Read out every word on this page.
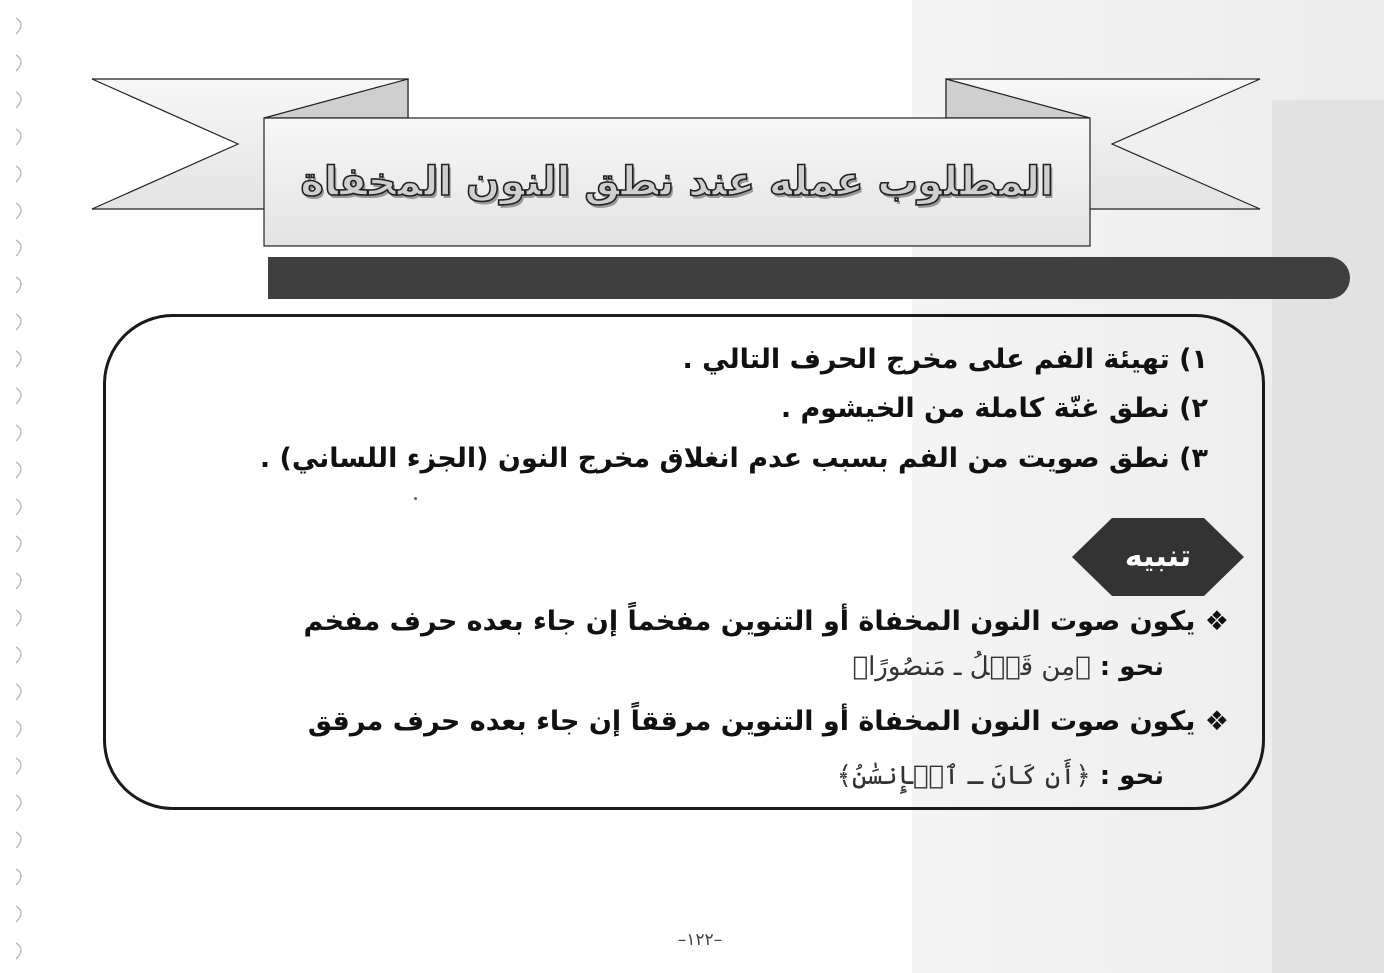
المطلوب عمله عند نطق النون المخفاة
١) تهيئة الفم على مخرج الحرف التالي .
٢) نطق غنّة كاملة من الخيشوم .
٣) نطق صويت من الفم بسبب عدم انغلاق مخرج النون (الجزء اللساني) .
تنبيه
❖ يكون صوت النون المخفاة أو التنوين مفخماً إن جاء بعده حرف مفخم
نحو : ﴿مِن قَبۡلُ ـ مَنصُورًا﴾
❖ يكون صوت النون المخفاة أو التنوين مرققاً إن جاء بعده حرف مرقق
نحو : ﴿أَن كَانَ ـ ٱلۡإِنسَٰنُ﴾
–١٢٢–
